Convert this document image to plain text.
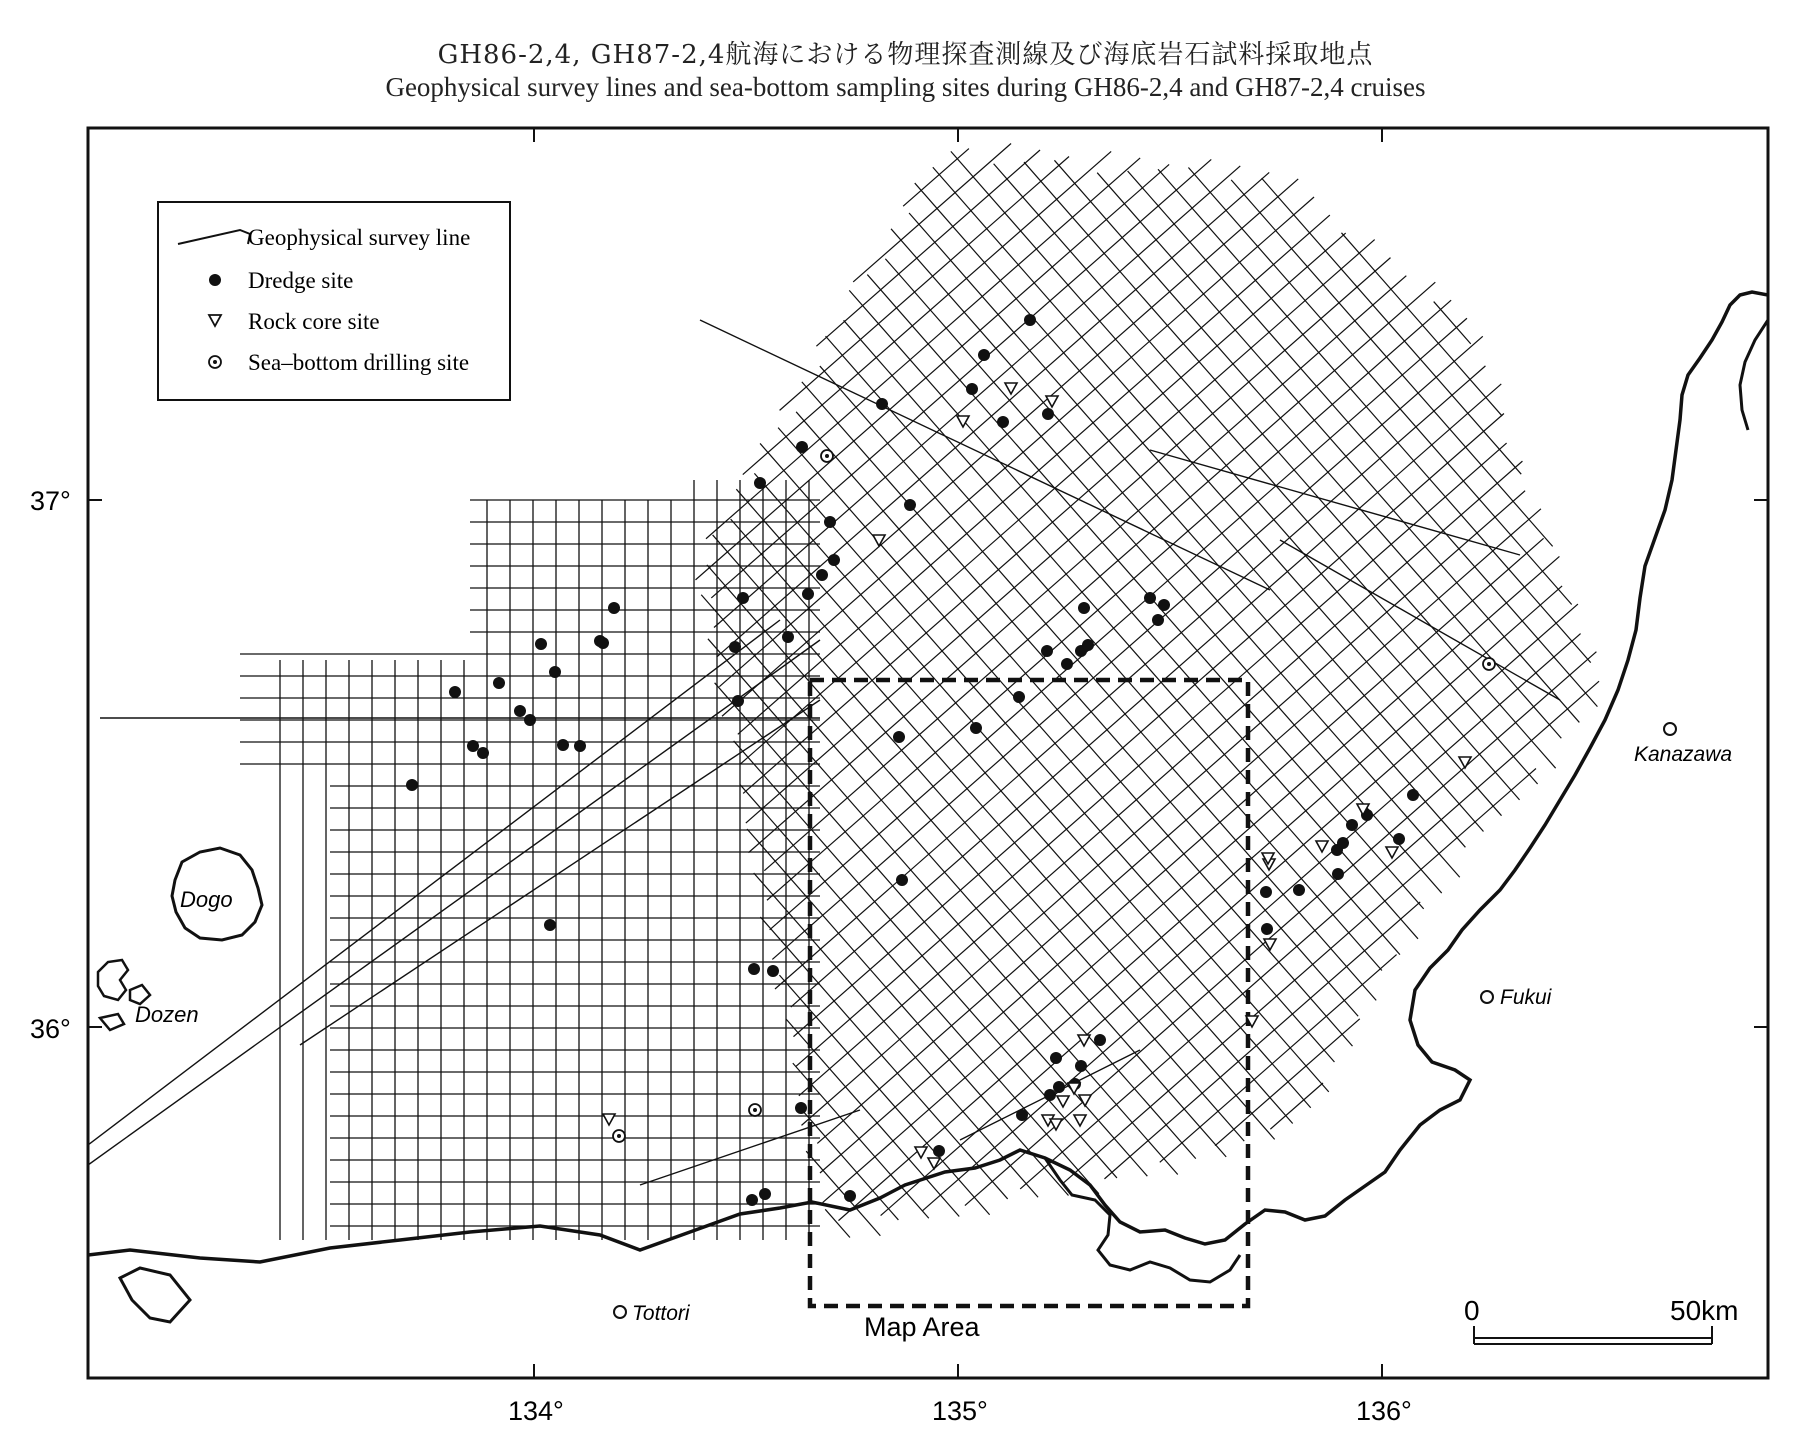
GH86-2,4, GH87-2,4航海における物理探査測線及び海底岩石試料採取地点
Geophysical survey lines and sea-bottom sampling sites during GH86-2,4 and GH87-2,4 cruises
Geophysical survey line
Dredge site
Rock core site
Sea–bottom drilling site
37°
36°
134°	135°	136°
Dogo
Dozen
Kanazawa
Fukui
Tottori	Map Area
0	50km
